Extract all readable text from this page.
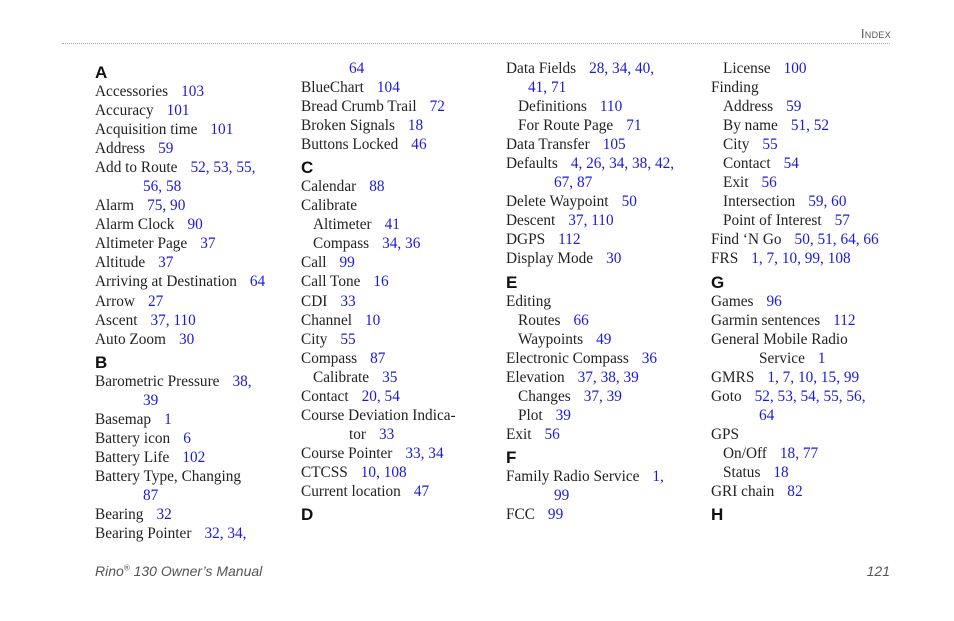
Index
A
Accessories 103
Accuracy 101
Acquisition time 101
Address 59
Add to Route 52, 53, 55,
56, 58
Alarm 75, 90
Alarm Clock 90
Altimeter Page 37
Altitude 37
Arriving at Destination 64
Arrow 27
Ascent 37, 110
Auto Zoom 30
B
Barometric Pressure 38,
39
Basemap 1
Battery icon 6
Battery Life 102
Battery Type, Changing
87
Bearing 32
Bearing Pointer 32, 34,
64
BlueChart 104
Bread Crumb Trail 72
Broken Signals 18
Buttons Locked 46
C
Calendar 88
Calibrate
Altimeter 41
Compass 34, 36
Call 99
Call Tone 16
CDI 33
Channel 10
City 55
Compass 87
Calibrate 35
Contact 20, 54
Course Deviation Indica-
tor 33
Course Pointer 33, 34
CTCSS 10, 108
Current location 47
D
Data Fields 28, 34, 40,
41, 71
Definitions 110
For Route Page 71
Data Transfer 105
Defaults 4, 26, 34, 38, 42,
67, 87
Delete Waypoint 50
Descent 37, 110
DGPS 112
Display Mode 30
E
Editing
Routes 66
Waypoints 49
Electronic Compass 36
Elevation 37, 38, 39
Changes 37, 39
Plot 39
Exit 56
F
Family Radio Service 1,
99
FCC 99
License 100
Finding
Address 59
By name 51, 52
City 55
Contact 54
Exit 56
Intersection 59, 60
Point of Interest 57
Find ‘N Go 50, 51, 64, 66
FRS 1, 7, 10, 99, 108
G
Games 96
Garmin sentences 112
General Mobile Radio
Service 1
GMRS 1, 7, 10, 15, 99
Goto 52, 53, 54, 55, 56,
64
GPS
On/Off 18, 77
Status 18
GRI chain 82
H
Rino® 130 Owner’s Manual	121
